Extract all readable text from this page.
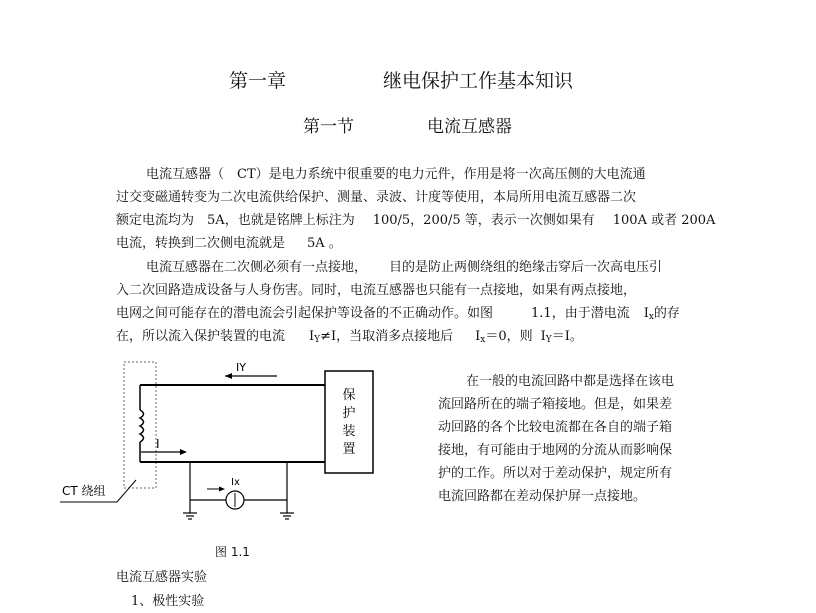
第一章	继电保护工作基本知识
第一节	电流互感器
电流互感器（　CT）是电力系统中很重要的电力元件，作用是将一次高压侧的大电流通
过交变磁通转变为二次电流供给保护、测量、录波、计度等使用，本局所用电流互感器二次
额定电流均为 5A，也就是铭牌上标注为 100/5，200/5 等，表示一次侧如果有 100A 或者 200A
电流，转换到二次侧电流就是 5A 。
电流互感器在二次侧必须有一点接地， 目的是防止两侧绕组的绝缘击穿后一次高电压引
入二次回路造成设备与人身伤害。同时，电流互感器也只能有一点接地，如果有两点接地，
电网之间可能存在的潜电流会引起保护等设备的不正确动作。如图	1.1，由于潜电流 Ix的存
在，所以流入保护装置的电流 IY≠I，当取消多点接地后 Ix＝0，则 IY＝I。
保
护
装
置
IY
I
Ix
CT 绕组
图 1.1
在一般的电流回路中都是选择在该电
流回路所在的端子箱接地。但是，如果差
动回路的各个比较电流都在各自的端子箱
接地，有可能由于地网的分流从而影响保
护的工作。所以对于差动保护，规定所有
电流回路都在差动保护屏一点接地。
电流互感器实验
1、极性实验
